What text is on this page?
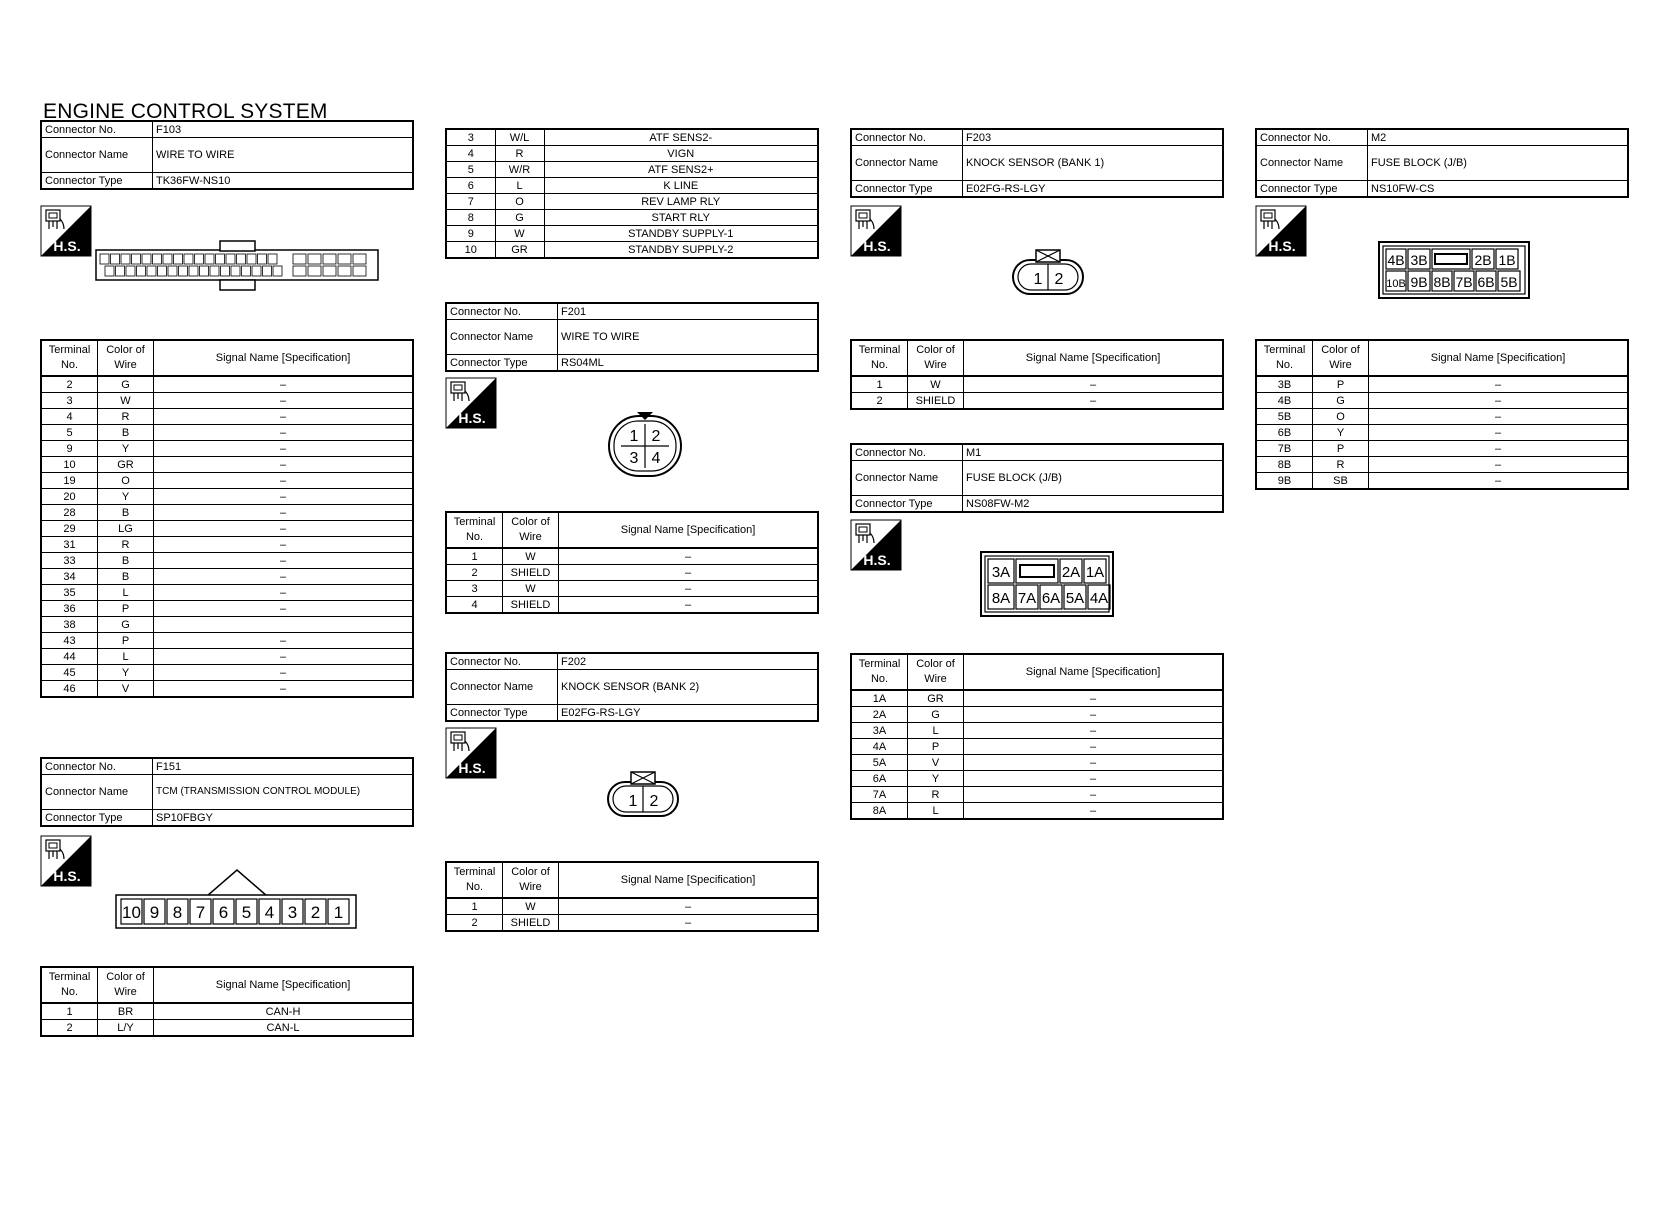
ENGINE CONTROL SYSTEM
Connector No.	F103
Connector Name	WIRE TO WIRE
Connector Type	TK36FW-NS10
H.S.
Terminal No.	Color of Wire	Signal Name [Specification]
2	G	–
3	W	–
4	R	–
5	B	–
9	Y	–
10	GR	–
19	O	–
20	Y	–
28	B	–
29	LG	–
31	R	–
33	B	–
34	B	–
35	L	–
36	P	–
38	G	
43	P	–
44	L	–
45	Y	–
46	V	–
Connector No.	F151
Connector Name	TCM (TRANSMISSION CONTROL MODULE)
Connector Type	SP10FBGY
H.S.
10 9 8 7 6 5 4 3 2 1
Terminal No.	Color of Wire	Signal Name [Specification]
1	BR	CAN-H
2	L/Y	CAN-L
3	W/L	ATF SENS2-
4	R	VIGN
5	W/R	ATF SENS2+
6	L	K LINE
7	O	REV LAMP RLY
8	G	START RLY
9	W	STANDBY SUPPLY-1
10	GR	STANDBY SUPPLY-2
Connector No.	F201
Connector Name	WIRE TO WIRE
Connector Type	RS04ML
H.S.
1 2
3 4
Terminal No.	Color of Wire	Signal Name [Specification]
1	W	–
2	SHIELD	–
3	W	–
4	SHIELD	–
Connector No.	F202
Connector Name	KNOCK SENSOR (BANK 2)
Connector Type	E02FG-RS-LGY
H.S.
1 2
Terminal No.	Color of Wire	Signal Name [Specification]
1	W	–
2	SHIELD	–
Connector No.	F203
Connector Name	KNOCK SENSOR (BANK 1)
Connector Type	E02FG-RS-LGY
H.S.
1 2
Terminal No.	Color of Wire	Signal Name [Specification]
1	W	–
2	SHIELD	–
Connector No.	M1
Connector Name	FUSE BLOCK (J/B)
Connector Type	NS08FW-M2
H.S.
3A	2A 1A
8A 7A 6A 5A 4A
Terminal No.	Color of Wire	Signal Name [Specification]
1A	GR	–
2A	G	–
3A	L	–
4A	P	–
5A	V	–
6A	Y	–
7A	R	–
8A	L	–
Connector No.	M2
Connector Name	FUSE BLOCK (J/B)
Connector Type	NS10FW-CS
H.S.
4B 3B	2B 1B
10B 9B 8B 7B 6B 5B
Terminal No.	Color of Wire	Signal Name [Specification]
3B	P	–
4B	G	–
5B	O	–
6B	Y	–
7B	P	–
8B	R	–
9B	SB	–
